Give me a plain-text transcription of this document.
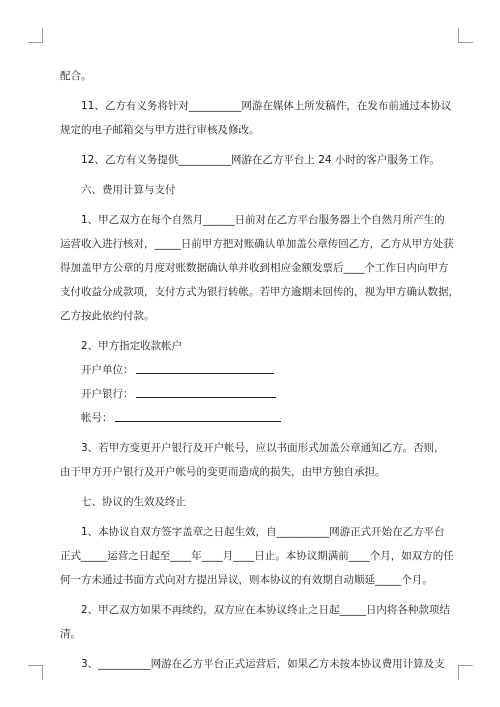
配合。
11、乙方有义务将针对__________网游在媒体上所发稿件，在发布前通过本协议
规定的电子邮箱交与甲方进行审核及修改。
12、乙方有义务提供__________网游在乙方平台上 24 小时的客户服务工作。
六、费用计算与支付
1、甲乙双方在每个自然月______日前对在乙方平台服务器上个自然月所产生的
运营收入进行核对，_____日前甲方把对账确认单加盖公章传回乙方，乙方从甲方处获
得加盖甲方公章的月度对账数据确认单并收到相应金额发票后____个工作日内向甲方
支付收益分成款项，支付方式为银行转帐。若甲方逾期未回传的，视为甲方确认数据，
乙方按此依约付款。
2、甲方指定收款帐户
开户单位：
开户银行：
帐号：
3、若甲方变更开户银行及开户帐号，应以书面形式加盖公章通知乙方。否则，
由于甲方开户银行及开户帐号的变更而造成的损失，由甲方独自承担。
七、协议的生效及终止
1、本协议自双方签字盖章之日起生效，自__________网游正式开始在乙方平台
正式_____运营之日起至____年____月____日止。本协议期满前____个月，如双方的任
何一方未通过书面方式向对方提出异议，则本协议的有效期自动顺延_____个月。
2、甲乙双方如果不再续约，双方应在本协议终止之日起_____日内将各种款项结
清。
3、__________网游在乙方平台正式运营后，如果乙方未按本协议费用计算及支
